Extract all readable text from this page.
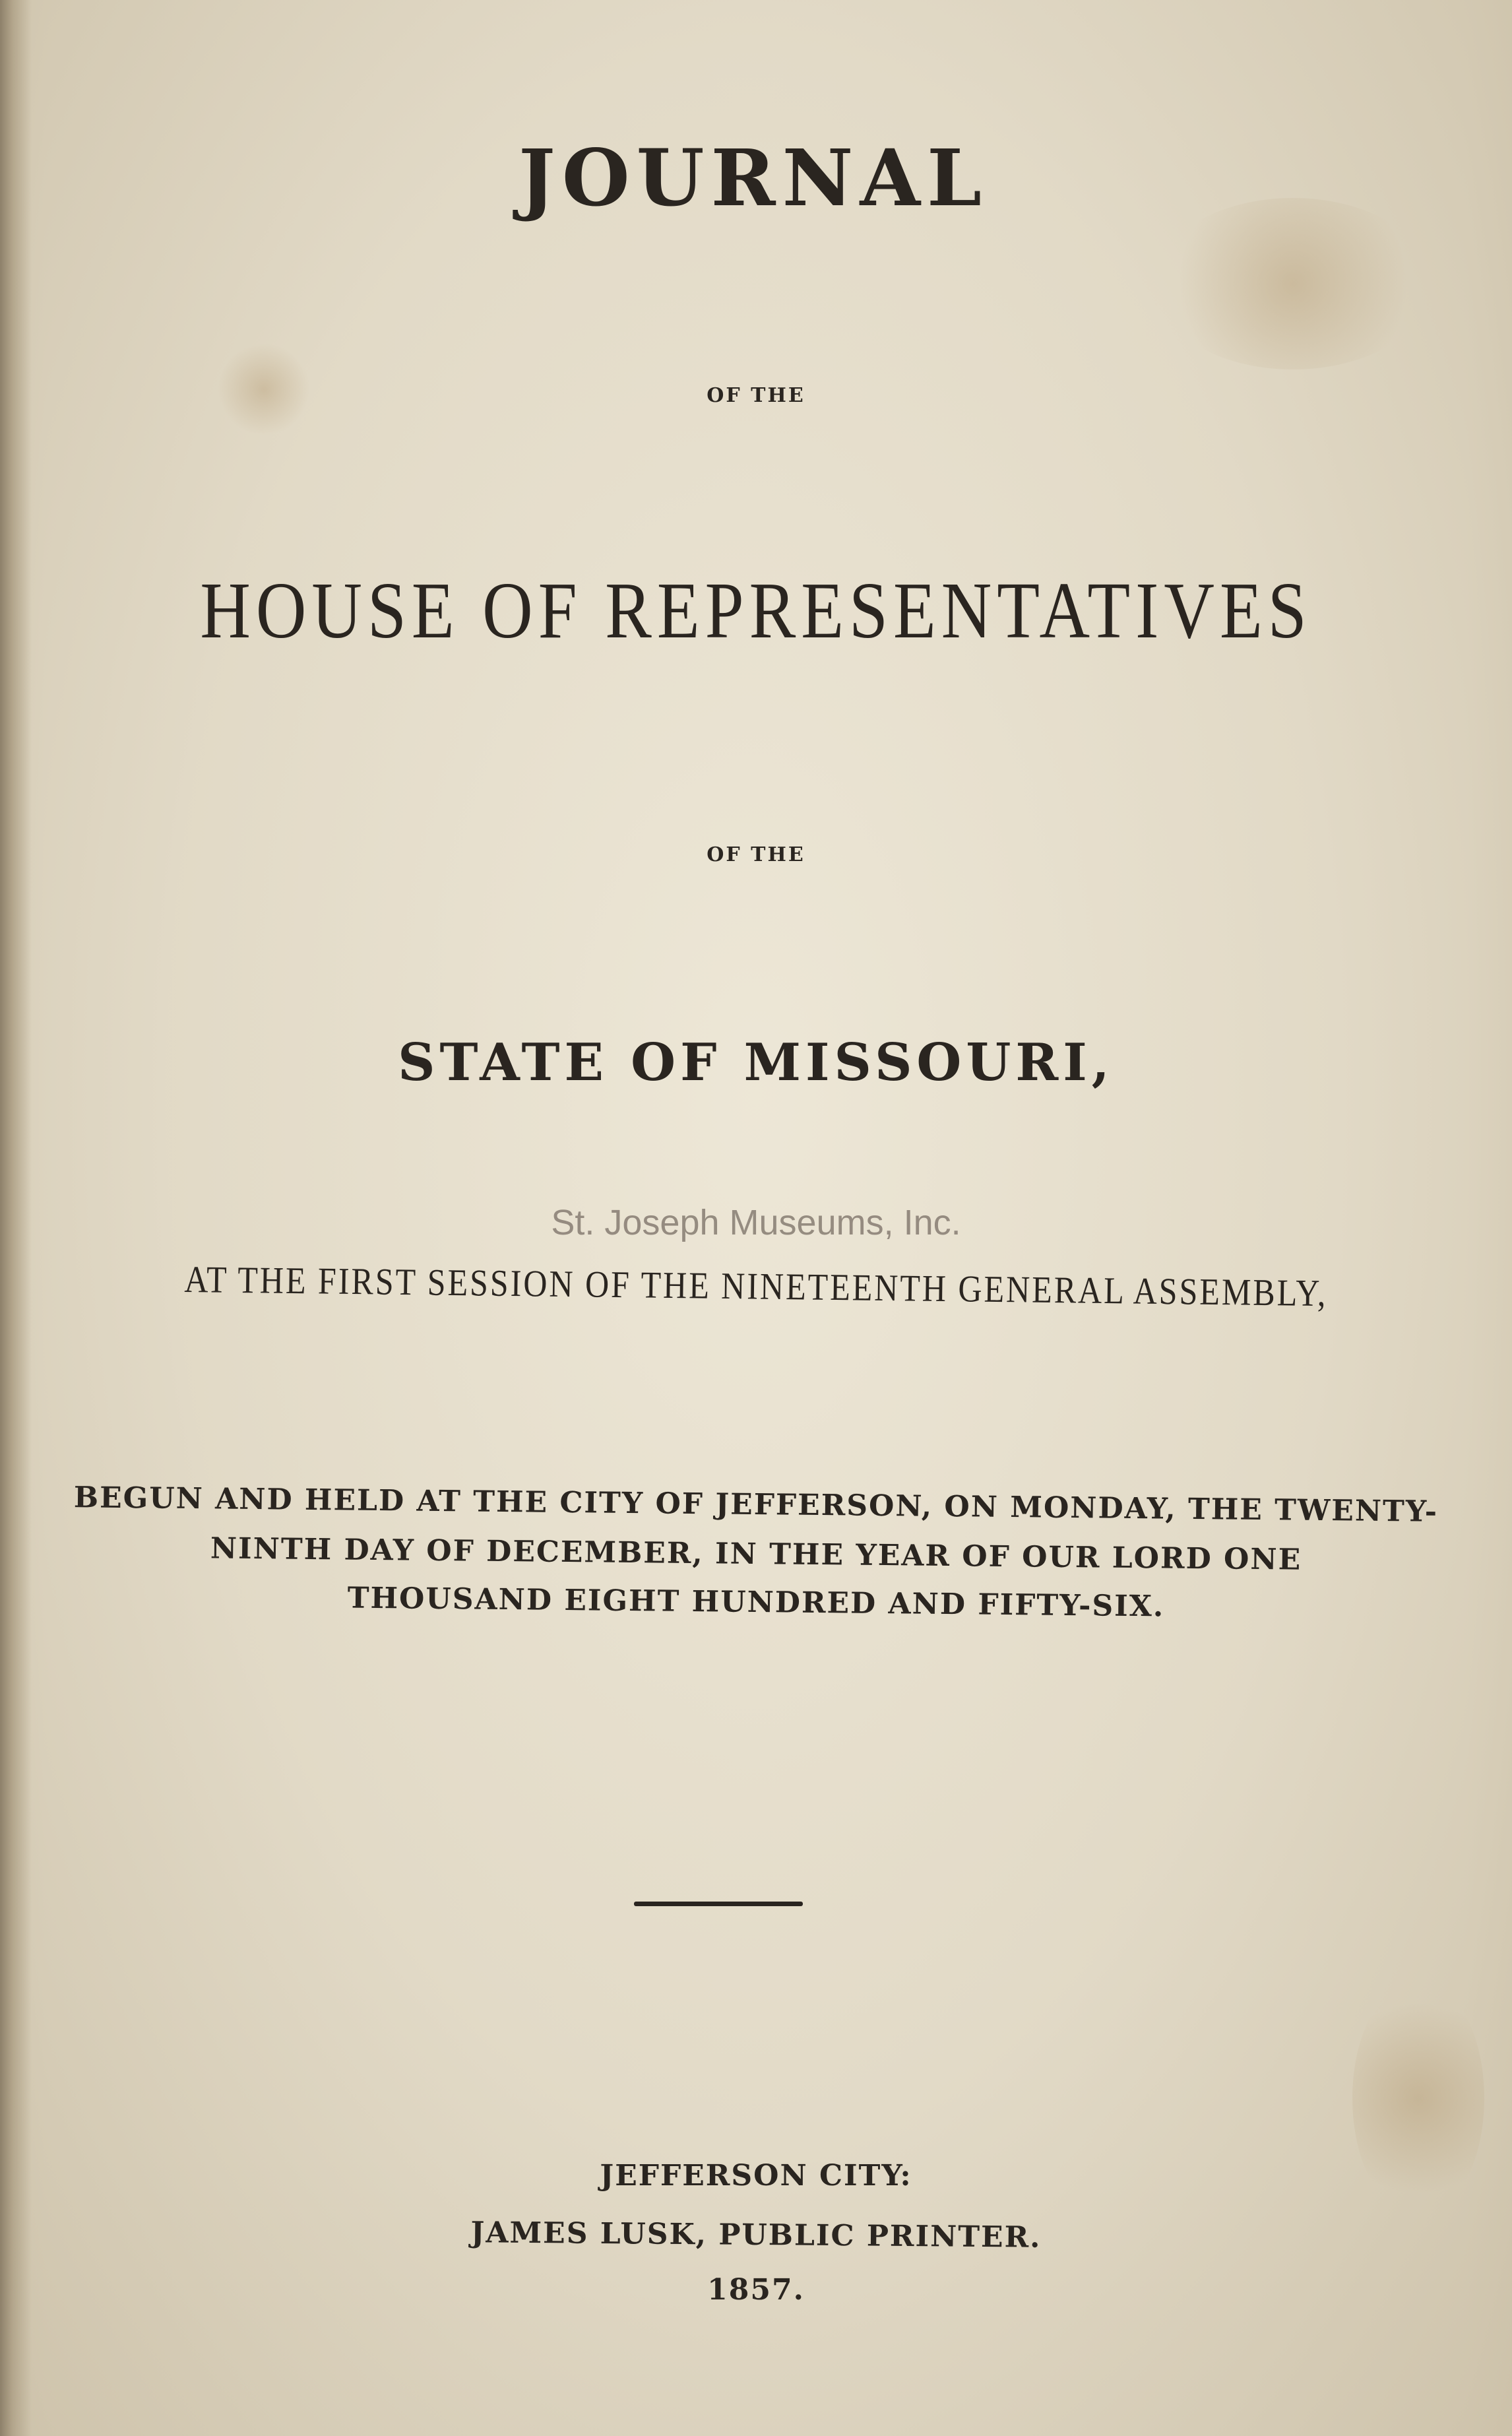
JOURNAL
OF THE
HOUSE OF REPRESENTATIVES
OF THE
STATE OF MISSOURI,
St. Joseph Museums, Inc.
AT THE FIRST SESSION OF THE NINETEENTH GENERAL ASSEMBLY,
BEGUN AND HELD AT THE CITY OF JEFFERSON, ON MONDAY, THE TWENTY-
NINTH DAY OF DECEMBER, IN THE YEAR OF OUR LORD ONE
THOUSAND EIGHT HUNDRED AND FIFTY-SIX.
JEFFERSON CITY:
JAMES LUSK, PUBLIC PRINTER.
1857.
